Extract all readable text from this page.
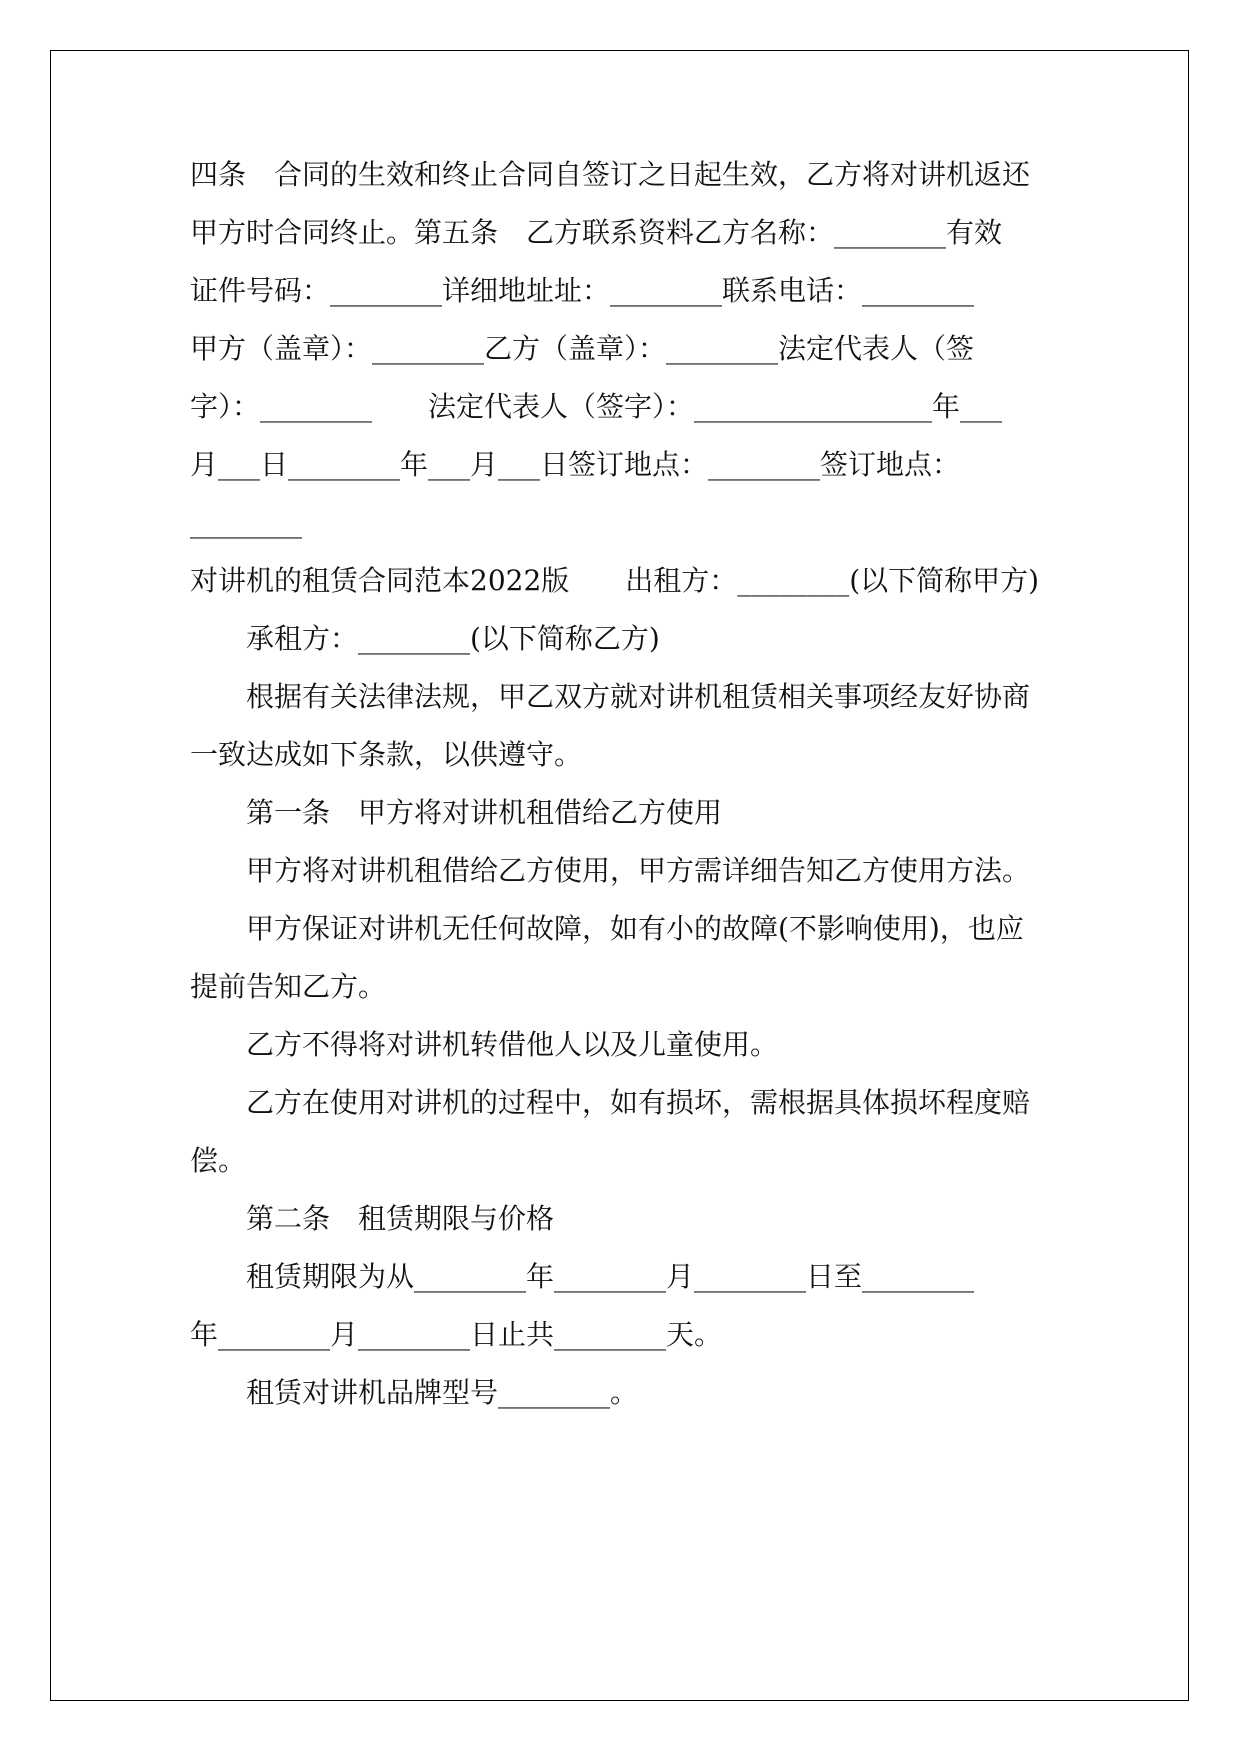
四条　合同的生效和终止合同自签订之日起生效，乙方将对讲机返还
甲方时合同终止。第五条　乙方联系资料乙方名称：________有效
证件号码：________详细地址址：________联系电话：________
甲方（盖章）：________乙方（盖章）：________法定代表人（签
字）：________　　法定代表人（签字）：_________________年___
月___日________年___月___日签订地点：________签订地点：
________
对讲机的租赁合同范本2022版　　出租方：________(以下简称甲方)
　　承租方：________(以下简称乙方)
　　根据有关法律法规，甲乙双方就对讲机租赁相关事项经友好协商
一致达成如下条款，以供遵守。
　　第一条　甲方将对讲机租借给乙方使用
　　甲方将对讲机租借给乙方使用，甲方需详细告知乙方使用方法。
　　甲方保证对讲机无任何故障，如有小的故障(不影响使用)，也应
提前告知乙方。
　　乙方不得将对讲机转借他人以及儿童使用。
　　乙方在使用对讲机的过程中，如有损坏，需根据具体损坏程度赔
偿。
　　第二条　租赁期限与价格
　　租赁期限为从________年________月________日至________
年________月________日止共________天。
　　租赁对讲机品牌型号________。
